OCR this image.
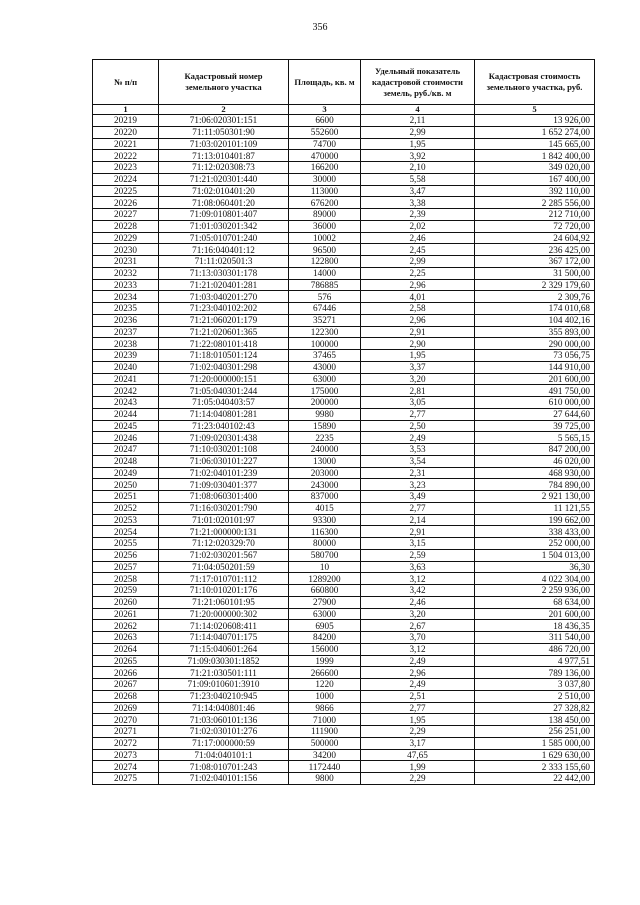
356
№ п/п	Кадастровый номер земельного участка	Площадь, кв. м	Удельный показатель кадастровой стоимости земель, руб./кв. м	Кадастровая стоимость земельного участка, руб.
1	2	3	4	5
20219	71:06:020301:151	6600	2,11	13 926,00
20220	71:11:050301:90	552600	2,99	1 652 274,00
20221	71:03:020101:109	74700	1,95	145 665,00
20222	71:13:010401:87	470000	3,92	1 842 400,00
20223	71:12:020308:73	166200	2,10	349 020,00
20224	71:21:020301:440	30000	5,58	167 400,00
20225	71:02:010401:20	113000	3,47	392 110,00
20226	71:08:060401:20	676200	3,38	2 285 556,00
20227	71:09:010801:407	89000	2,39	212 710,00
20228	71:01:030201:342	36000	2,02	72 720,00
20229	71:05:010701:240	10002	2,46	24 604,92
20230	71:16:040401:12	96500	2,45	236 425,00
20231	71:11:020501:3	122800	2,99	367 172,00
20232	71:13:030301:178	14000	2,25	31 500,00
20233	71:21:020401:281	786885	2,96	2 329 179,60
20234	71:03:040201:270	576	4,01	2 309,76
20235	71:23:040102:202	67446	2,58	174 010,68
20236	71:21:060201:179	35271	2,96	104 402,16
20237	71:21:020601:365	122300	2,91	355 893,00
20238	71:22:080101:418	100000	2,90	290 000,00
20239	71:18:010501:124	37465	1,95	73 056,75
20240	71:02:040301:298	43000	3,37	144 910,00
20241	71:20:000000:151	63000	3,20	201 600,00
20242	71:05:040301:244	175000	2,81	491 750,00
20243	71:05:040403:57	200000	3,05	610 000,00
20244	71:14:040801:281	9980	2,77	27 644,60
20245	71:23:040102:43	15890	2,50	39 725,00
20246	71:09:020301:438	2235	2,49	5 565,15
20247	71:10:030201:108	240000	3,53	847 200,00
20248	71:06:030101:227	13000	3,54	46 020,00
20249	71:02:040101:239	203000	2,31	468 930,00
20250	71:09:030401:377	243000	3,23	784 890,00
20251	71:08:060301:400	837000	3,49	2 921 130,00
20252	71:16:030201:790	4015	2,77	11 121,55
20253	71:01:020101:97	93300	2,14	199 662,00
20254	71:21:000000:131	116300	2,91	338 433,00
20255	71:12:020329:70	80000	3,15	252 000,00
20256	71:02:030201:567	580700	2,59	1 504 013,00
20257	71:04:050201:59	10	3,63	36,30
20258	71:17:010701:112	1289200	3,12	4 022 304,00
20259	71:10:010201:176	660800	3,42	2 259 936,00
20260	71:21:060101:95	27900	2,46	68 634,00
20261	71:20:000000:302	63000	3,20	201 600,00
20262	71:14:020608:411	6905	2,67	18 436,35
20263	71:14:040701:175	84200	3,70	311 540,00
20264	71:15:040601:264	156000	3,12	486 720,00
20265	71:09:030301:1852	1999	2,49	4 977,51
20266	71:21:030501:111	266600	2,96	789 136,00
20267	71:09:010601:3910	1220	2,49	3 037,80
20268	71:23:040210:945	1000	2,51	2 510,00
20269	71:14:040801:46	9866	2,77	27 328,82
20270	71:03:060101:136	71000	1,95	138 450,00
20271	71:02:030101:276	111900	2,29	256 251,00
20272	71:17:000000:59	500000	3,17	1 585 000,00
20273	71:04:040101:1	34200	47,65	1 629 630,00
20274	71:08:010701:243	1172440	1,99	2 333 155,60
20275	71:02:040101:156	9800	2,29	22 442,00
